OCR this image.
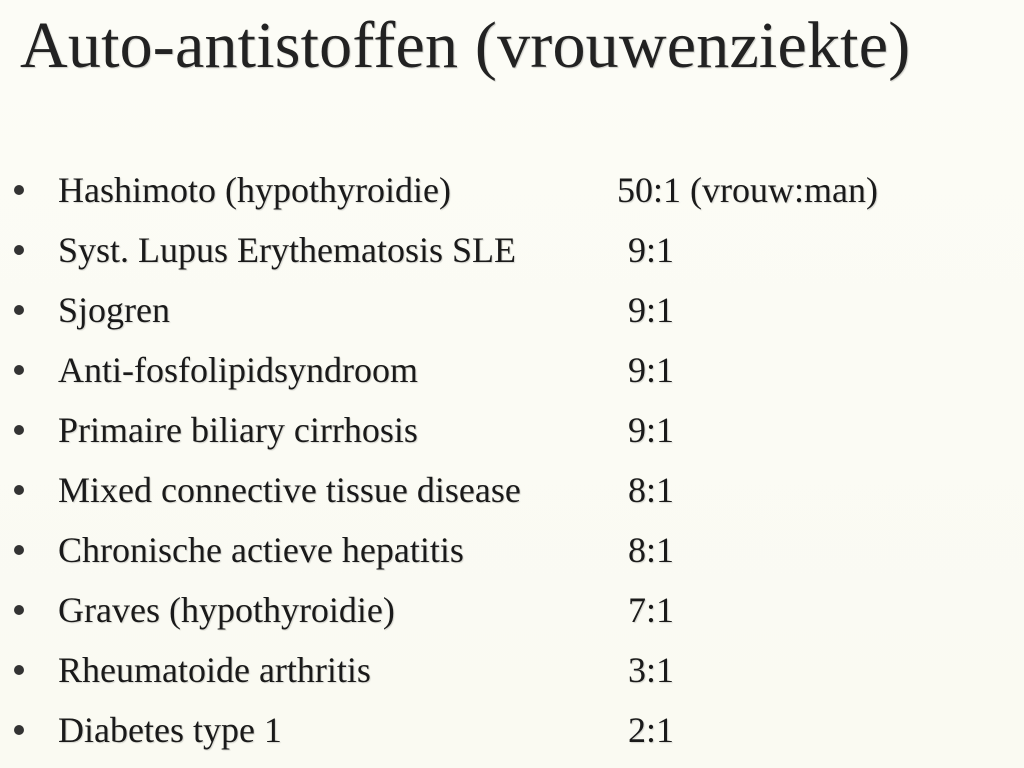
Auto-antistoffen (vrouwenziekte)
Hashimoto (hypothyroidie)	50:1 (vrouw:man)
Syst. Lupus Erythematosis SLE	9:1
Sjogren	9:1
Anti-fosfolipidsyndroom	9:1
Primaire biliary cirrhosis	9:1
Mixed connective tissue disease	8:1
Chronische actieve hepatitis	8:1
Graves (hypothyroidie)	7:1
Rheumatoide arthritis	3:1
Diabetes type 1	2:1
